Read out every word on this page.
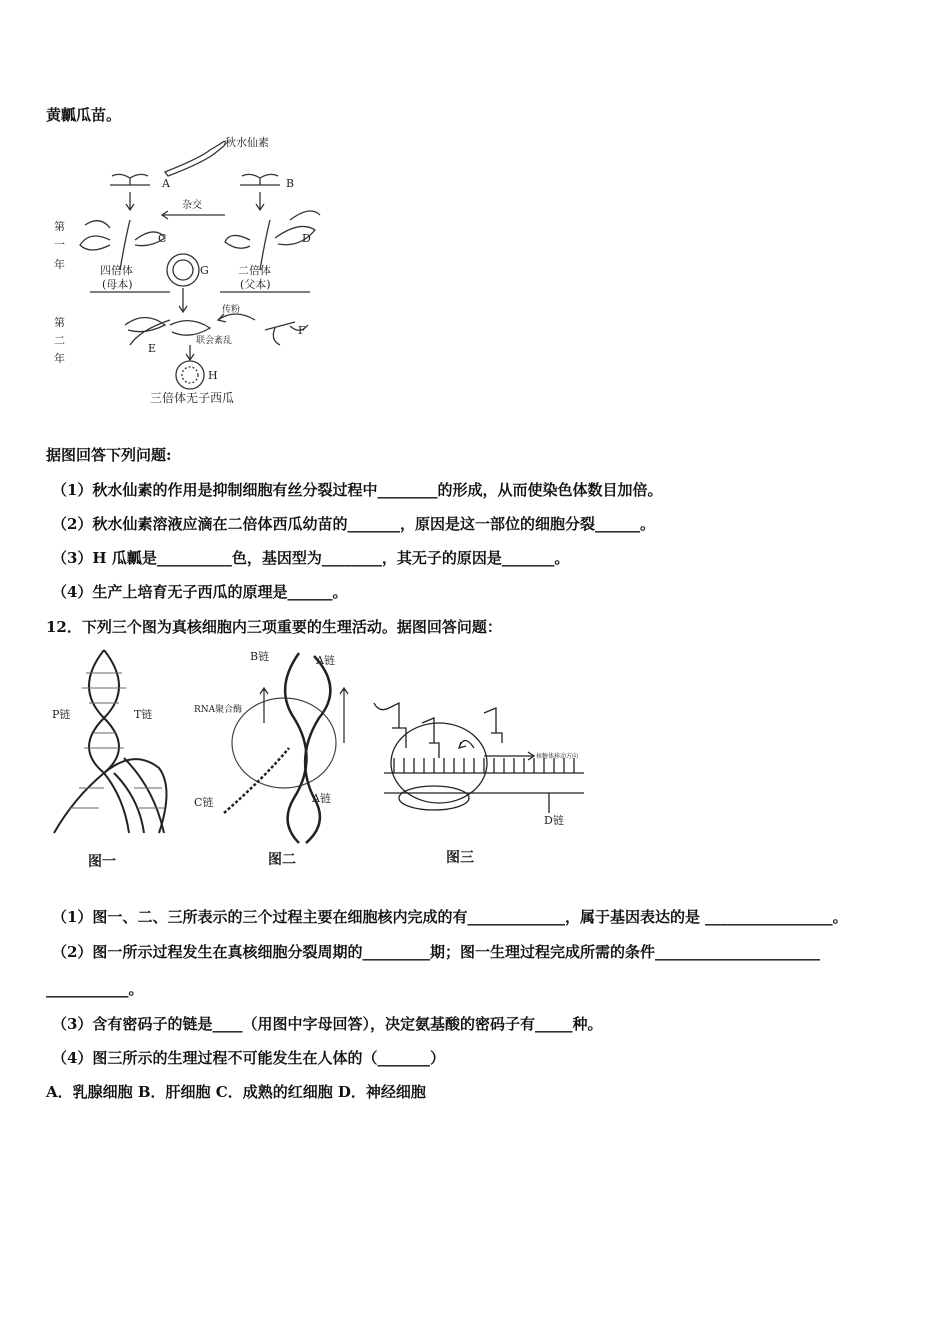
黄瓤瓜苗。
秋水仙素
A	B
杂交
C	D
G
四倍体
(母本)
二倍体
(父本)
第
一
年
第
二
年
传粉
E
F
联会紊乱
H
三倍体无子西瓜
据图回答下列问题:
（1）秋水仙素的作用是抑制细胞有丝分裂过程中________的形成，从而使染色体数目加倍。
（2）秋水仙素溶液应滴在二倍体西瓜幼苗的_______，原因是这一部位的细胞分裂______。
（3）H 瓜瓤是__________色，基因型为________，其无子的原因是_______。
（4）生产上培育无子西瓜的原理是______。
12．下列三个图为真核细胞内三项重要的生理活动。据图回答问题：
P链	T链
B链	A链
RNA聚合酶
C链	A链
核糖体移动方向
D链
图一	图二	图三
（1）图一、二、三所表示的三个过程主要在细胞核内完成的有_____________，属于基因表达的是 _________________。
（2）图一所示过程发生在真核细胞分裂周期的_________期；图一生理过程完成所需的条件______________________
___________。
（3）含有密码子的链是____（用图中字母回答），决定氨基酸的密码子有_____种。
（4）图三所示的生理过程不可能发生在人体的（_______）
A．乳腺细胞 B．肝细胞 C．成熟的红细胞 D．神经细胞
